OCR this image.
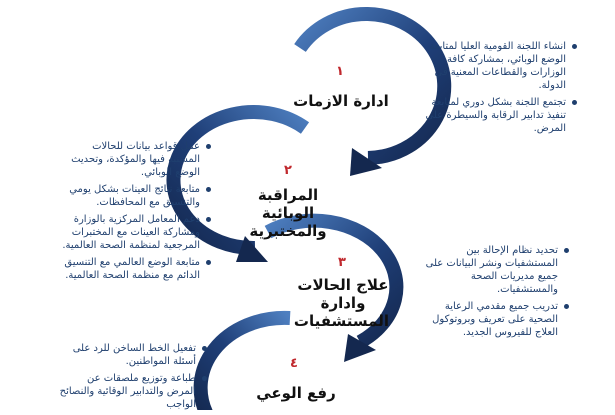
١
ادارة الازمات
٢
المراقبة الوبائية والمختبرية
٣
علاج الحالات وادارة المستشفيات
٤
رفع الوعي
انشاء اللجنة القومية العليا لمتابعة الوضع الوبائي، بمشاركة كافة الوزارات والقطاعات المعنية في الدولة.
تجتمع اللجنة بشكل دوري لمتابعة تنفيذ تدابير الرقابة والسيطرة على المرض.
عمل قواعد بيانات للحالات المشتبه فيها والمؤكدة، وتحديث الوضع الوبائي.
متابعة نتائج العينات بشكل يومي والتنسيق مع المحافظات.
دعم المعامل المركزية بالوزارة ومشاركة العينات مع المختبرات المرجعية لمنظمة الصحة العالمية.
متابعة الوضع العالمي مع التنسيق الدائم مع منظمة الصحة العالمية.
تحديد نظام الإحالة بين المستشفيات ونشر البيانات على جميع مديريات الصحة والمستشفيات.
تدريب جميع مقدمي الرعاية الصحية على تعريف وبروتوكول العلاج للفيروس الجديد.
تفعيل الخط الساخن للرد على أسئلة المواطنين.
طباعة وتوزيع ملصقات عن المرض والتدابير الوقائية والنصائح الواجب
